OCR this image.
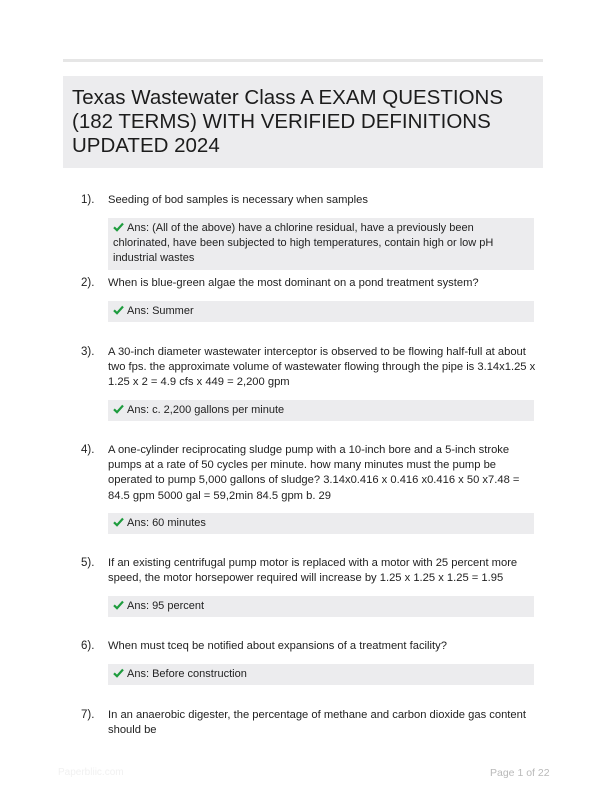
Texas Wastewater Class A EXAM QUESTIONS (182 TERMS) WITH VERIFIED DEFINITIONS UPDATED 2024
1). Seeding of bod samples is necessary when samples
Ans: (All of the above) have a chlorine residual, have a previously been chlorinated, have been subjected to high temperatures, contain high or low pH industrial wastes
2). When is blue-green algae the most dominant on a pond treatment system?
Ans: Summer
3). A 30-inch diameter wastewater interceptor is observed to be flowing half-full at about two fps. the approximate volume of wastewater flowing through the pipe is 3.14x1.25 x 1.25 x 2 = 4.9 cfs x 449 = 2,200 gpm
Ans: c. 2,200 gallons per minute
4). A one-cylinder reciprocating sludge pump with a 10-inch bore and a 5-inch stroke pumps at a rate of 50 cycles per minute. how many minutes must the pump be operated to pump 5,000 gallons of sludge? 3.14x0.416 x 0.416 x0.416 x 50 x7.48 = 84.5 gpm 5000 gal = 59,2min 84.5 gpm b. 29
Ans: 60 minutes
5). If an existing centrifugal pump motor is replaced with a motor with 25 percent more speed, the motor horsepower required will increase by 1.25 x 1.25 x 1.25 = 1.95
Ans: 95 percent
6). When must tceq be notified about expansions of a treatment facility?
Ans: Before construction
7). In an anaerobic digester, the percentage of methane and carbon dioxide gas content should be
Paperbliic.com	Page 1 of 22
